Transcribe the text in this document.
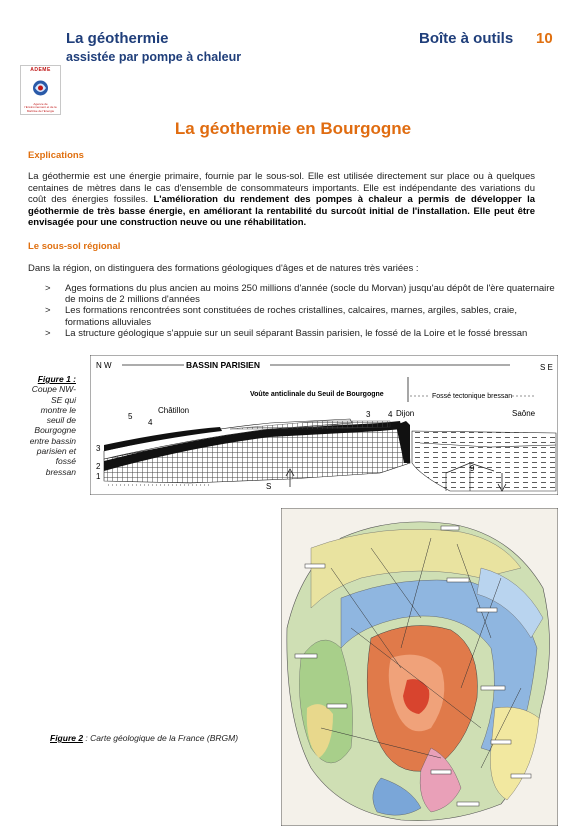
La géothermie
assistée par pompe à chaleur
Boîte à outils 10
ADEME
Agence de l'Environnement et de la Maîtrise de l'Energie
La géothermie en Bourgogne
Explications
La géothermie est une énergie primaire, fournie par le sous-sol. Elle est utilisée directement sur place ou à quelques centaines de mètres dans le cas d'ensemble de consommateurs importants. Elle est indépendante des variations du coût des énergies fossiles. L'amélioration du rendement des pompes à chaleur a permis de développer la géothermie de très basse énergie, en améliorant la rentabilité du surcoût initial de l'installation. Elle peut être envisagée pour une construction neuve ou une réhabilitation.
Le sous-sol régional
Dans la région, on distinguera des formations géologiques d'âges et de natures très variées :
> Ages formations du plus ancien au moins 250 millions d'année (socle du Morvan) jusqu'au dépôt de l'ère quaternaire de moins de 2 millions d'années
> Les formations rencontrées sont constituées de roches cristallines, calcaires, marnes, argiles, sables, craie, formations alluviales
> La structure géologique s'appuie sur un seuil séparant Bassin parisien, le fossé de la Loire et le fossé bressan
Figure 1 : Coupe NW-SE qui montre le seuil de Bourgogne entre bassin parisien et fossé bressan
N W	BASSIN PARISIEN	S E
Voûte anticlinale du Seuil de Bourgogne	Fossé tectonique bressan
Châtillon	Dijon	Saône
1
2
3
4
5	3 4
9
S
Figure 2 : Carte géologique de la France (BRGM)
